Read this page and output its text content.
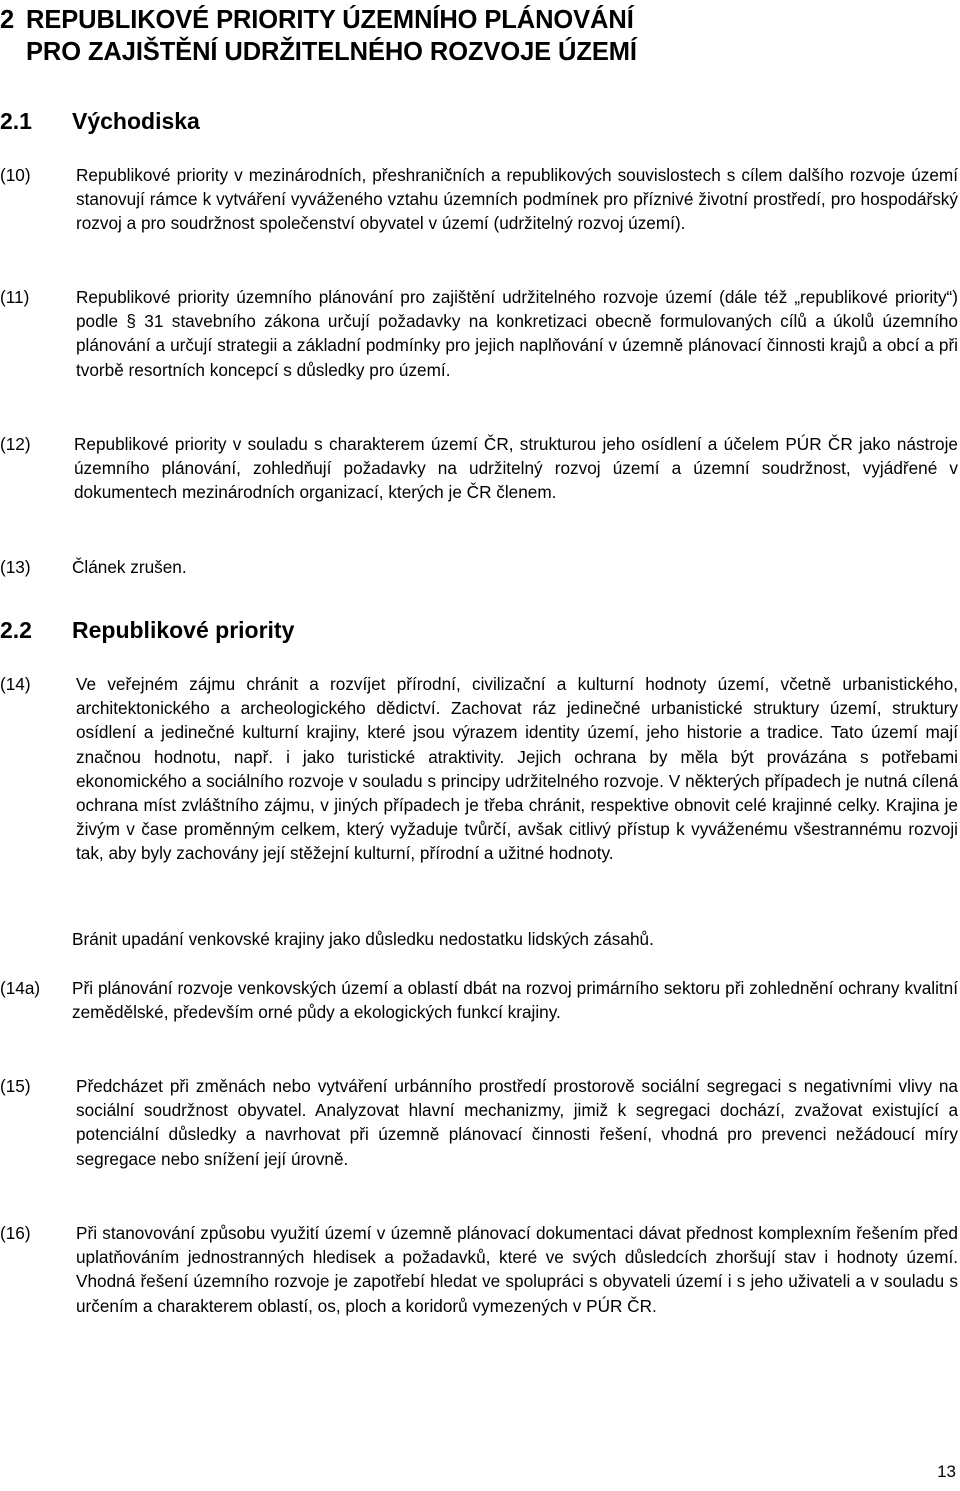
2 REPUBLIKOVÉ PRIORITY ÚZEMNÍHO PLÁNOVÁNÍ
PRO ZAJIŠTĚNÍ UDRŽITELNÉHO ROZVOJE ÚZEMÍ
2.1 Východiska
(10)	Republikové priority v mezinárodních, přeshraničních a republikových souvislostech s cílem dalšího rozvoje území stanovují rámce k vytváření vyváženého vztahu územních podmínek pro příznivé životní prostředí, pro hospodářský rozvoj a pro soudržnost společenství obyvatel v území (udržitelný rozvoj území).
(11)	Republikové priority územního plánování pro zajištění udržitelného rozvoje území (dále též „republikové priority“) podle § 31 stavebního zákona určují požadavky na konkretizaci obecně formulovaných cílů a úkolů územního plánování a určují strategii a základní podmínky pro jejich naplňování v územně plánovací činnosti krajů a obcí a při tvorbě resortních koncepcí s důsledky pro území.
(12)	Republikové priority v souladu s charakterem území ČR, strukturou jeho osídlení a účelem PÚR ČR jako nástroje územního plánování, zohledňují požadavky na udržitelný rozvoj území a územní soudržnost, vyjádřené v dokumentech mezinárodních organizací, kterých je ČR členem.
(13) Článek zrušen.
2.2 Republikové priority
(14)	Ve veřejném zájmu chránit a rozvíjet přírodní, civilizační a kulturní hodnoty území, včetně urbanistického, architektonického a archeologického dědictví. Zachovat ráz jedinečné urbanistické struktury území, struktury osídlení a jedinečné kulturní krajiny, které jsou výrazem identity území, jeho historie a tradice. Tato území mají značnou hodnotu, např. i jako turistické atraktivity. Jejich ochrana by měla být provázána s potřebami ekonomického a sociálního rozvoje v souladu s principy udržitelného rozvoje. V některých případech je nutná cílená ochrana míst zvláštního zájmu, v jiných případech je třeba chránit, respektive obnovit celé krajinné celky. Krajina je živým v čase proměnným celkem, který vyžaduje tvůrčí, avšak citlivý přístup k vyváženému všestrannému rozvoji tak, aby byly zachovány její stěžejní kulturní, přírodní a užitné hodnoty.
Bránit upadání venkovské krajiny jako důsledku nedostatku lidských zásahů.
(14a) Při plánování rozvoje venkovských území a oblastí dbát na rozvoj primárního sektoru při zohlednění ochrany kvalitní zemědělské, především orné půdy a ekologických funkcí krajiny.
(15)	Předcházet při změnách nebo vytváření urbánního prostředí prostorově sociální segregaci s negativními vlivy na sociální soudržnost obyvatel. Analyzovat hlavní mechanizmy, jimiž k segregaci dochází, zvažovat existující a potenciální důsledky a navrhovat při územně plánovací činnosti řešení, vhodná pro prevenci nežádoucí míry segregace nebo snížení její úrovně.
(16)	Při stanovování způsobu využití území v územně plánovací dokumentaci dávat přednost komplexním řešením před uplatňováním jednostranných hledisek a požadavků, které ve svých důsledcích zhoršují stav i hodnoty území. Vhodná řešení územního rozvoje je zapotřebí hledat ve spolupráci s obyvateli území i s jeho uživateli a v souladu s určením a charakterem oblastí, os, ploch a koridorů vymezených v PÚR ČR.
13
